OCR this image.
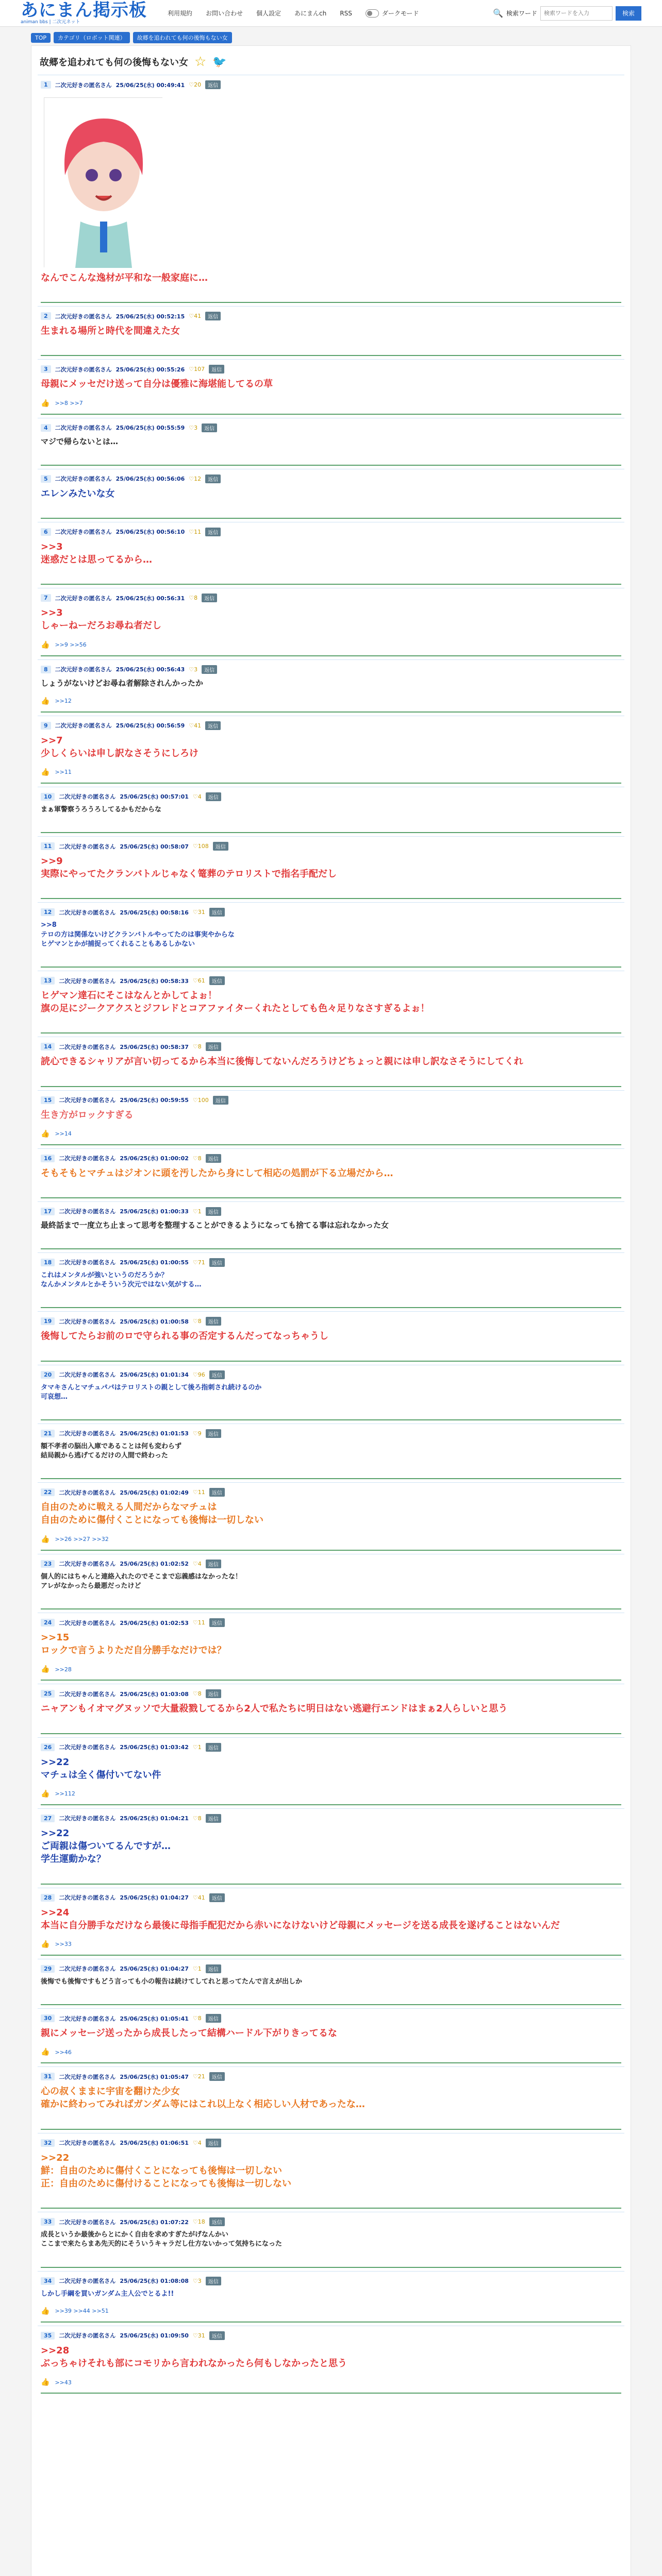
あにまん掲示板
animan bbs | 二次元ネット
利用規約 お問い合わせ 個人設定 あにまんch RSS	ダークモード	🔍 検索ワード
検索ワードを入力	検索
TOP	カテゴリ（ロボット関連）	故郷を追われても何の後悔もない女
故郷を追われても何の後悔もない女 ☆ 🐦
1	二次元好きの匿名さん 25/06/25(水) 00:49:41 ♡20	返信
なんでこんな逸材が平和な一般家庭に…
2	二次元好きの匿名さん 25/06/25(水) 00:52:15 ♡41	返信
生まれる場所と時代を間違えた女
3	二次元好きの匿名さん 25/06/25(水) 00:55:26 ♡107	返信
母親にメッセだけ送って自分は優雅に海堪能してるの草
👍 >>8 >>7
4	二次元好きの匿名さん 25/06/25(水) 00:55:59 ♡3	返信
マジで帰らないとは…
5	二次元好きの匿名さん 25/06/25(水) 00:56:06 ♡12	返信
エレンみたいな女
6	二次元好きの匿名さん 25/06/25(水) 00:56:10 ♡11	返信
>>3
迷惑だとは思ってるから…
7	二次元好きの匿名さん 25/06/25(水) 00:56:31 ♡8	返信
>>3
しゃーねーだろお尋ね者だし
👍 >>9 >>56
8	二次元好きの匿名さん 25/06/25(水) 00:56:43 ♡3	返信
しょうがないけどお尋ね者解除されんかったか
👍 >>12
9	二次元好きの匿名さん 25/06/25(水) 00:56:59 ♡41	返信
>>7
少しくらいは申し訳なさそうにしろけ
👍 >>11
10	二次元好きの匿名さん 25/06/25(水) 00:57:01 ♡4	返信
まぁ軍警察うろうろしてるかもだからな
11	二次元好きの匿名さん 25/06/25(水) 00:58:07 ♡108	返信
>>9
実際にやってたクランバトルじゃなく篭葬のテロリストで指名手配だし
12	二次元好きの匿名さん 25/06/25(水) 00:58:16 ♡31	返信
>>8
テロの方は関係ないけどクランバトルやってたのは事実やからな
ヒゲマンとかが捕捉ってくれることもあるしかない
13	二次元好きの匿名さん 25/06/25(水) 00:58:33 ♡61	返信
ヒゲマン達石にそこはなんとかしてよぉ！
旗の足にジークアクスとジフレドとコアファイターくれたとしても色々足りなさすぎるよぉ！
14	二次元好きの匿名さん 25/06/25(水) 00:58:37 ♡8	返信
読心できるシャリアが言い切ってるから本当に後悔してないんだろうけどちょっと親には申し訳なさそうにしてくれ
15	二次元好きの匿名さん 25/06/25(水) 00:59:55 ♡100	返信
生き方がロックすぎる
👍 >>14
16	二次元好きの匿名さん 25/06/25(水) 01:00:02 ♡8	返信
そもそもとマチュはジオンに頭を汚したから身にして相応の処罰が下る立場だから…
17	二次元好きの匿名さん 25/06/25(水) 01:00:33 ♡1	返信
最終話まで一度立ち止まって思考を整理することができるようになっても捨てる事は忘れなかった女
18	二次元好きの匿名さん 25/06/25(水) 01:00:55 ♡71	返信
これはメンタルが強いというのだろうか？
なんかメンタルとかそういう次元ではない気がする…
19	二次元好きの匿名さん 25/06/25(水) 01:00:58 ♡8	返信
後悔してたらお前のロで守られる事の否定するんだってなっちゃうし
20	二次元好きの匿名さん 25/06/25(水) 01:01:34 ♡96	返信
タマキさんとマチュパパはテロリストの親として後ろ指刺され続けるのか
可哀想…
21	二次元好きの匿名さん 25/06/25(水) 01:01:53 ♡9	返信
額不孝者の脳出入庫であることは何も変わらず
結局親から逃げてるだけの人間で終わった
22	二次元好きの匿名さん 25/06/25(水) 01:02:49 ♡11	返信
自由のために戦える人間だからなマチュは
自由のために傷付くことになっても後悔は一切しない
👍 >>26 >>27 >>32
23	二次元好きの匿名さん 25/06/25(水) 01:02:52 ♡4	返信
個人的にはちゃんと連絡入れたのでそこまで忘義感はなかったな！
アレがなかったら最悪だったけど
24	二次元好きの匿名さん 25/06/25(水) 01:02:53 ♡11	返信
>>15
ロックで言うよりただ自分勝手なだけでは？
👍 >>28
25	二次元好きの匿名さん 25/06/25(水) 01:03:08 ♡8	返信
ニャアンもイオマグヌッソで大量殺戮してるから2人で私たちに明日はない逃避行エンドはまぁ2人らしいと思う
26	二次元好きの匿名さん 25/06/25(水) 01:03:42 ♡1	返信
>>22
マチュは全く傷付いてない件
👍 >>112
27	二次元好きの匿名さん 25/06/25(水) 01:04:21 ♡8	返信
>>22
ご両親は傷ついてるんですが…
学生運動かな？
28	二次元好きの匿名さん 25/06/25(水) 01:04:27 ♡41	返信
>>24
本当に自分勝手なだけなら最後に母指手配犯だから赤いになけないけど母親にメッセージを送る成長を遂げることはないんだ
👍 >>33
29	二次元好きの匿名さん 25/06/25(水) 01:04:27 ♡1	返信
後悔でも後悔ですもどう言っても小の報告は続けてしてれと思ってたんで言えが出しか
30	二次元好きの匿名さん 25/06/25(水) 01:05:41 ♡8	返信
親にメッセージ送ったから成長したって結構ハードル下がりきってるな
👍 >>46
31	二次元好きの匿名さん 25/06/25(水) 01:05:47 ♡21	返信
心の叔くままに宇宙を翻けた少女
確かに終わってみればガンダム等にはこれ以上なく相応しい人材であったな…
32	二次元好きの匿名さん 25/06/25(水) 01:06:51 ♡4	返信
>>22
鮮：自由のために傷付くことになっても後悔は一切しない
正：自由のために傷付けることになっても後悔は一切しない
33	二次元好きの匿名さん 25/06/25(水) 01:07:22 ♡18	返信
成長というか最後からとにかく自由を求めすぎたがげなんかい
ここまで来たらまあ先天的にそういうキャラだし仕方ないかって気持ちになった
34	二次元好きの匿名さん 25/06/25(水) 01:08:08 ♡3	返信
しかし手綱を買いガンダム主人公でとるよ!!
👍 >>39 >>44 >>51
35	二次元好きの匿名さん 25/06/25(水) 01:09:50 ♡31	返信
>>28
ぶっちゃけそれも部にコモリから言われなかったら何もしなかったと思う
👍 >>43
